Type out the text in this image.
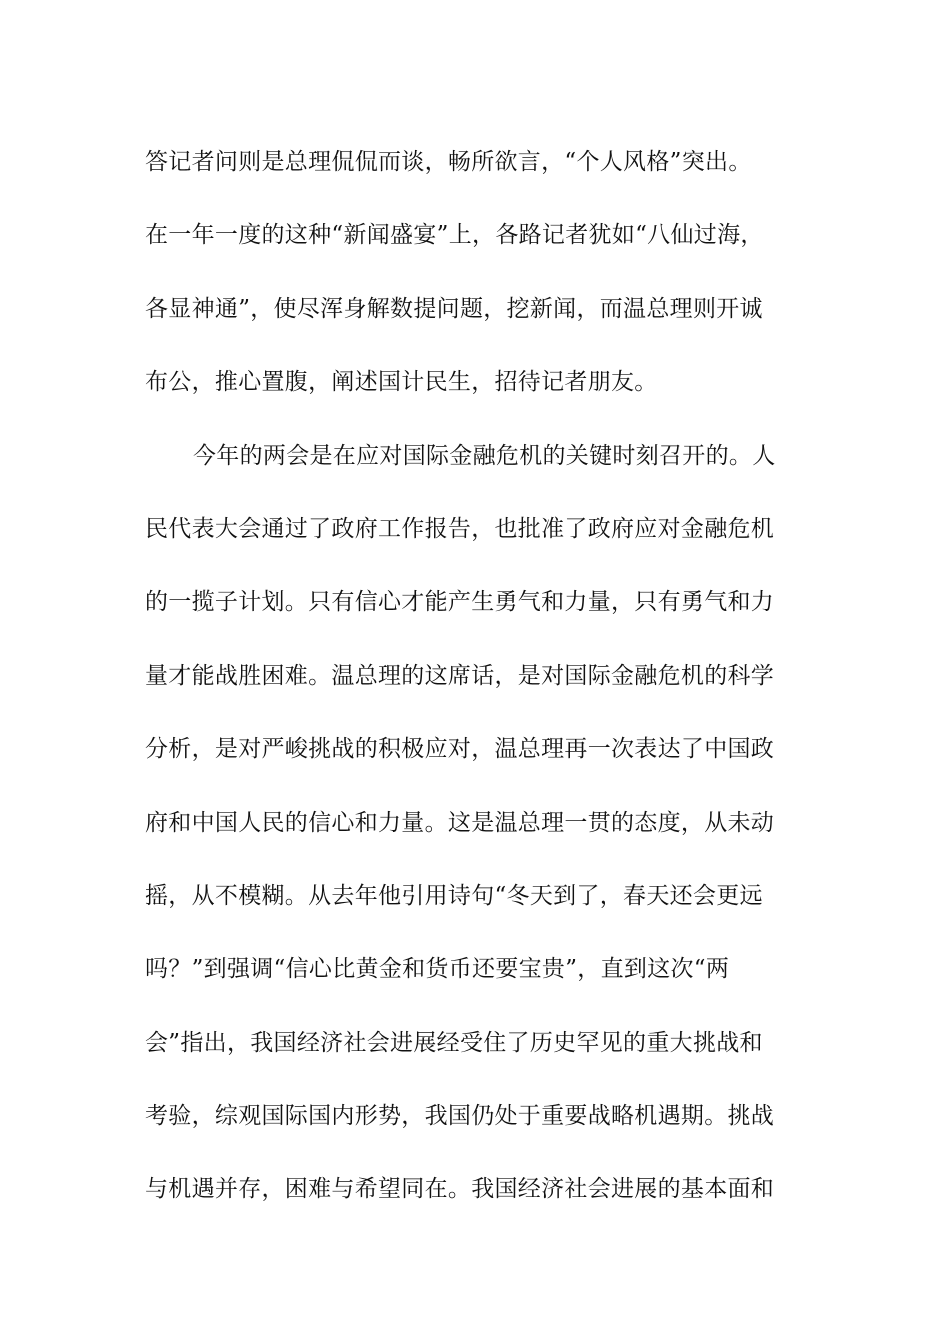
答记者问则是总理侃侃而谈，畅所欲言，“个人风格”突出。
在一年一度的这种“新闻盛宴”上，各路记者犹如“八仙过海，
各显神通”，使尽浑身解数提问题，挖新闻，而温总理则开诚
布公，推心置腹，阐述国计民生，招待记者朋友。
今年的两会是在应对国际金融危机的关键时刻召开的。人
民代表大会通过了政府工作报告，也批准了政府应对金融危机
的一揽子计划。只有信心才能产生勇气和力量，只有勇气和力
量才能战胜困难。温总理的这席话，是对国际金融危机的科学
分析，是对严峻挑战的积极应对，温总理再一次表达了中国政
府和中国人民的信心和力量。这是温总理一贯的态度，从未动
摇，从不模糊。从去年他引用诗句“冬天到了，春天还会更远
吗？”到强调“信心比黄金和货币还要宝贵”，直到这次“两
会”指出，我国经济社会进展经受住了历史罕见的重大挑战和
考验，综观国际国内形势，我国仍处于重要战略机遇期。挑战
与机遇并存，困难与希望同在。我国经济社会进展的基本面和
